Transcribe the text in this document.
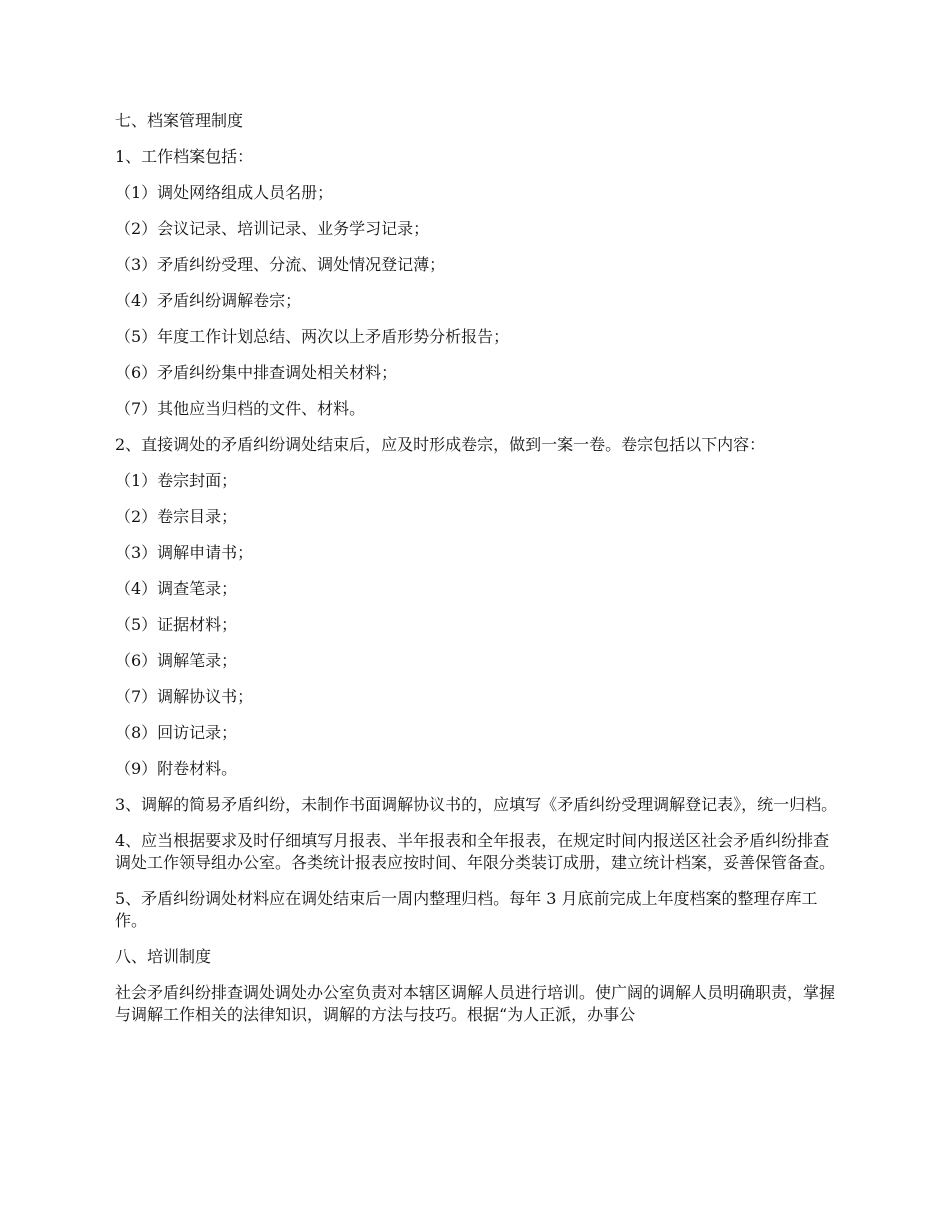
七、档案管理制度

1、工作档案包括：

（1）调处网络组成人员名册；

（2）会议记录、培训记录、业务学习记录；

（3）矛盾纠纷受理、分流、调处情况登记薄；

（4）矛盾纠纷调解卷宗；

（5）年度工作计划总结、两次以上矛盾形势分析报告；

（6）矛盾纠纷集中排查调处相关材料；

（7）其他应当归档的文件、材料。

2、直接调处的矛盾纠纷调处结束后，应及时形成卷宗，做到一案一卷。卷宗包括以下内容：

（1）卷宗封面；

（2）卷宗目录；

（3）调解申请书；

（4）调查笔录；

（5）证据材料；

（6）调解笔录；

（7）调解协议书；

（8）回访记录；

（9）附卷材料。

3、调解的简易矛盾纠纷，未制作书面调解协议书的，应填写《矛盾纠纷受理调解登记表》，统一归档。

4、应当根据要求及时仔细填写月报表、半年报表和全年报表，在规定时间内报送区社会矛盾纠纷排查调处工作领导组办公室。各类统计报表应按时间、年限分类装订成册，建立统计档案，妥善保管备查。

5、矛盾纠纷调处材料应在调处结束后一周内整理归档。每年 3 月底前完成上年度档案的整理存库工作。

八、培训制度

社会矛盾纠纷排查调处调处办公室负责对本辖区调解人员进行培训。使广阔的调解人员明确职责，掌握与调解工作相关的法律知识，调解的方法与技巧。根据“为人正派，办事公
